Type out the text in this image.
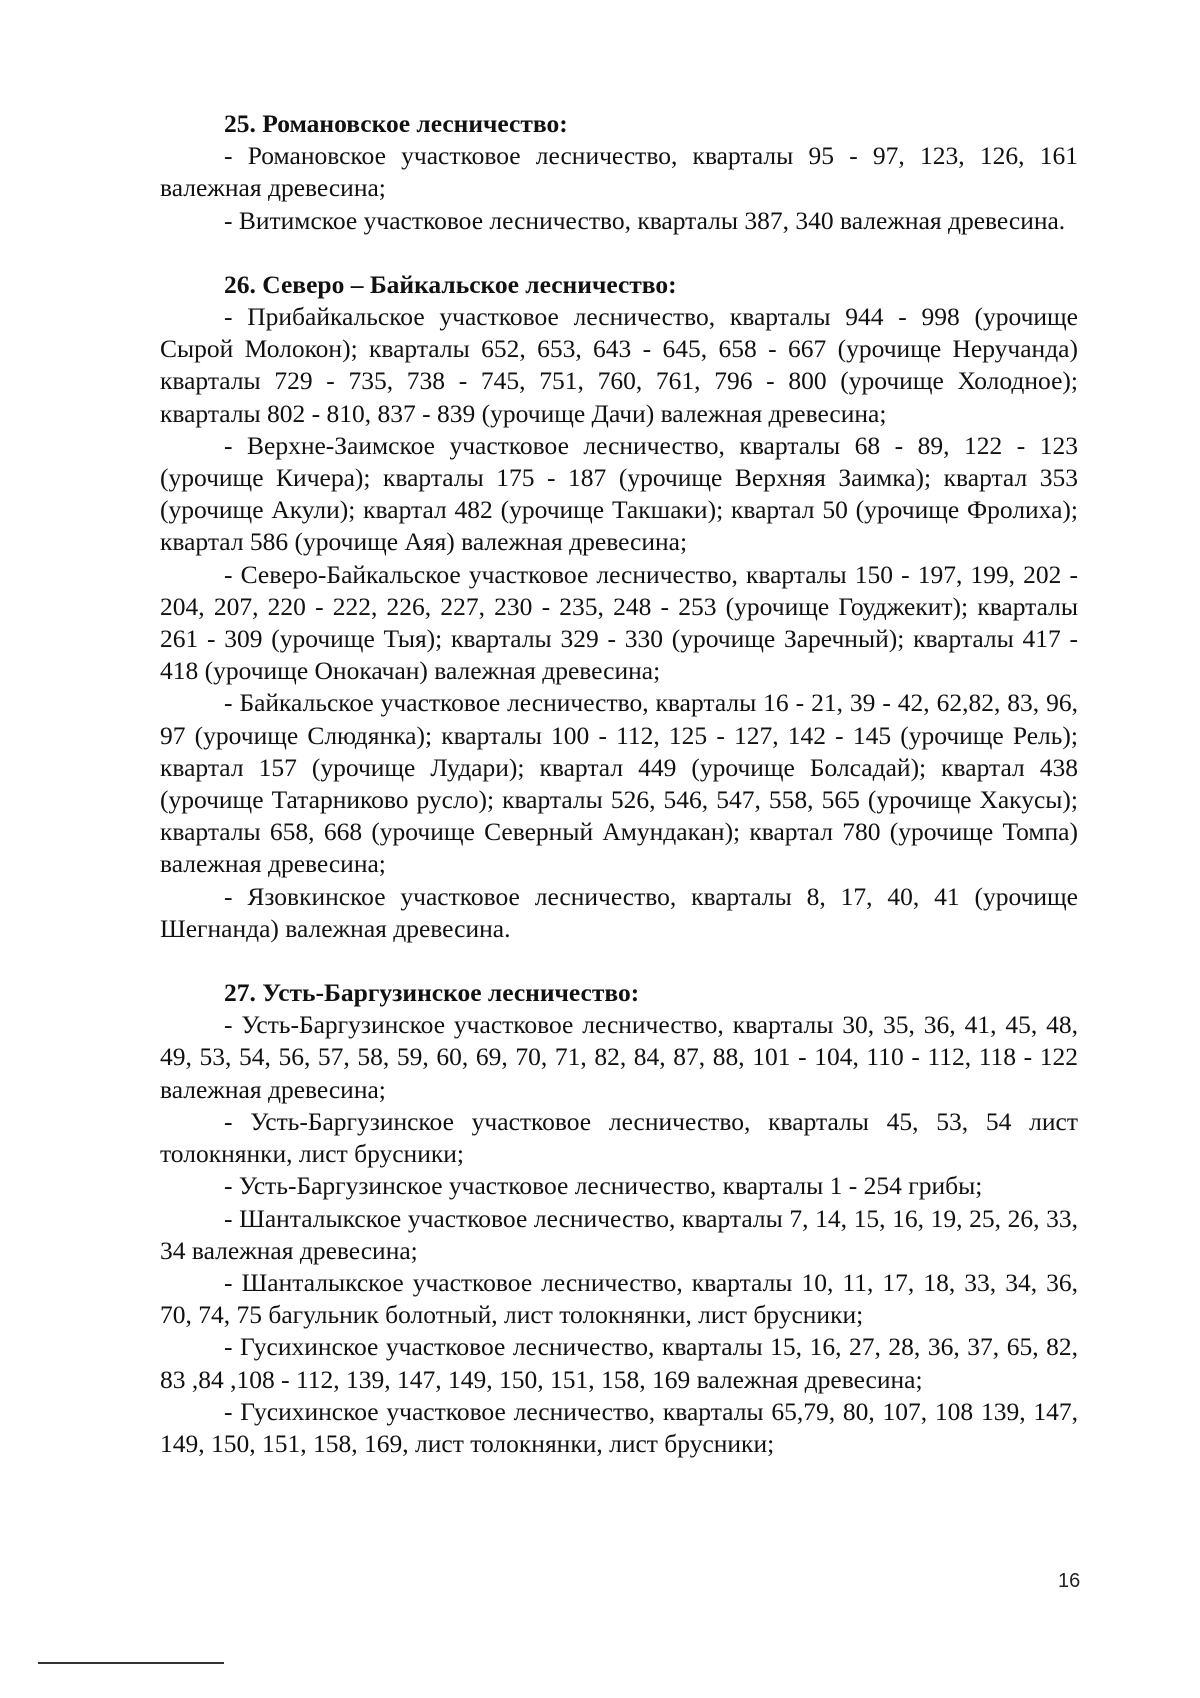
25. Романовское лесничество:

- Романовское участковое лесничество, кварталы 95 - 97, 123, 126, 161 валежная древесина;

- Витимское участковое лесничество, кварталы 387, 340 валежная древесина.

26. Северо – Байкальское лесничество:

- Прибайкальское участковое лесничество, кварталы 944 - 998 (урочище Сырой Молокон); кварталы 652, 653, 643 - 645, 658 - 667 (урочище Неручанда) кварталы 729 - 735, 738 - 745, 751, 760, 761, 796 - 800 (урочище Холодное); кварталы 802 - 810, 837 - 839 (урочище Дачи) валежная древесина;

- Верхне-Заимское участковое лесничество, кварталы 68 - 89, 122 - 123 (урочище Кичера); кварталы 175 - 187 (урочище Верхняя Заимка); квартал 353 (урочище Акули); квартал 482 (урочище Такшаки); квартал 50 (урочище Фролиха); квартал 586 (урочище Аяя) валежная древесина;

- Северо-Байкальское участковое лесничество, кварталы 150 - 197, 199, 202 - 204, 207, 220 - 222, 226, 227, 230 - 235, 248 - 253 (урочище Гоуджекит); кварталы 261 - 309 (урочище Тыя); кварталы 329 - 330 (урочище Заречный); кварталы 417 - 418 (урочище Онокачан) валежная древесина;

- Байкальское участковое лесничество, кварталы 16 - 21, 39 - 42, 62,82, 83, 96, 97 (урочище Слюдянка); кварталы 100 - 112, 125 - 127, 142 - 145 (урочище Рель); квартал 157 (урочище Лудари); квартал 449 (урочище Болсадай); квартал 438 (урочище Татарниково русло); кварталы 526, 546, 547, 558, 565 (урочище Хакусы); кварталы 658, 668 (урочище Северный Амундакан); квартал 780 (урочище Томпа) валежная древесина;

- Язовкинское участковое лесничество, кварталы 8, 17, 40, 41 (урочище Шегнанда) валежная древесина.

27. Усть-Баргузинское лесничество:

- Усть-Баргузинское участковое лесничество, кварталы 30, 35, 36, 41, 45, 48, 49, 53, 54, 56, 57, 58, 59, 60, 69, 70, 71, 82, 84, 87, 88, 101 - 104, 110 - 112, 118 - 122 валежная древесина;

- Усть-Баргузинское участковое лесничество, кварталы 45, 53, 54 лист толокнянки, лист брусники;

- Усть-Баргузинское участковое лесничество, кварталы 1 - 254 грибы;

- Шанталыкское участковое лесничество, кварталы 7, 14, 15, 16, 19, 25, 26, 33, 34 валежная древесина;

- Шанталыкское участковое лесничество, кварталы 10, 11, 17, 18, 33, 34, 36, 70, 74, 75 багульник болотный, лист толокнянки, лист брусники;

- Гусихинское участковое лесничество, кварталы 15, 16, 27, 28, 36, 37, 65, 82, 83 ,84 ,108 - 112, 139, 147, 149, 150, 151, 158, 169 валежная древесина;

- Гусихинское участковое лесничество, кварталы 65,79, 80, 107, 108 139, 147, 149, 150, 151, 158, 169, лист толокнянки, лист брусники;

16
